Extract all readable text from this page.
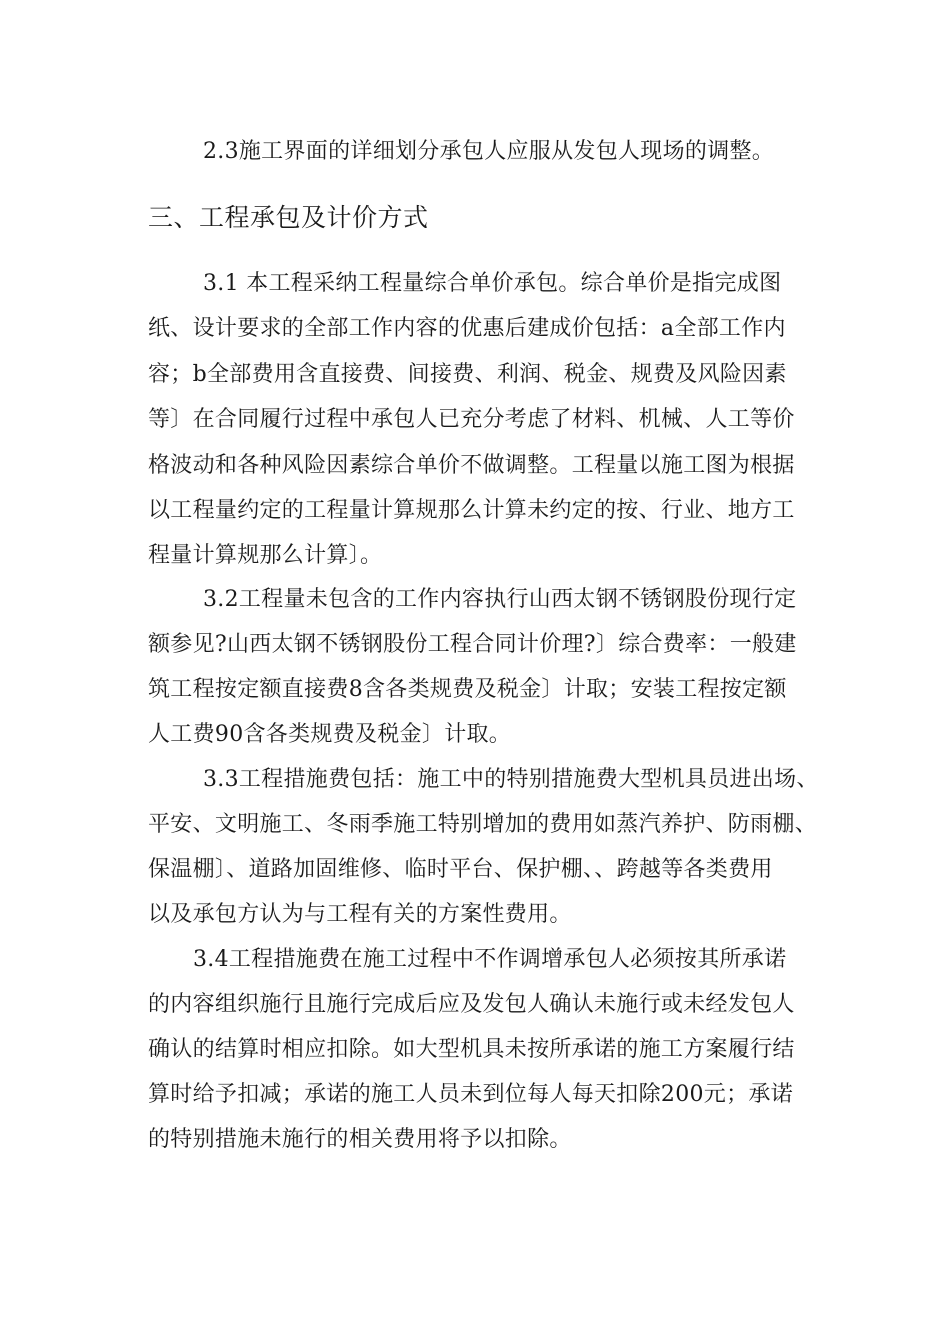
2.3施工界面的详细划分承包人应服从发包人现场的调整。
三、工程承包及计价方式
3.1 本工程采纳工程量综合单价承包。综合单价是指完成图
纸、设计要求的全部工作内容的优惠后建成价包括：a全部工作内
容；b全部费用含直接费、间接费、利润、税金、规费及风险因素
等〕在合同履行过程中承包人已充分考虑了材料、机械、人工等价
格波动和各种风险因素综合单价不做调整。工程量以施工图为根据
以工程量约定的工程量计算规那么计算未约定的按、行业、地方工
程量计算规那么计算〕。
3.2工程量未包含的工作内容执行山西太钢不锈钢股份现行定
额参见?山西太钢不锈钢股份工程合同计价理?〕综合费率：一般建
筑工程按定额直接费8含各类规费及税金〕计取；安装工程按定额
人工费90含各类规费及税金〕计取。
3.3工程措施费包括：施工中的特别措施费大型机具员进出场、
平安、文明施工、冬雨季施工特别增加的费用如蒸汽养护、防雨棚、
保温棚〕、道路加固维修、临时平台、保护棚、、跨越等各类费用
以及承包方认为与工程有关的方案性费用。
3.4工程措施费在施工过程中不作调增承包人必须按其所承诺
的内容组织施行且施行完成后应及发包人确认未施行或未经发包人
确认的结算时相应扣除。如大型机具未按所承诺的施工方案履行结
算时给予扣减；承诺的施工人员未到位每人每天扣除200元；承诺
的特别措施未施行的相关费用将予以扣除。
